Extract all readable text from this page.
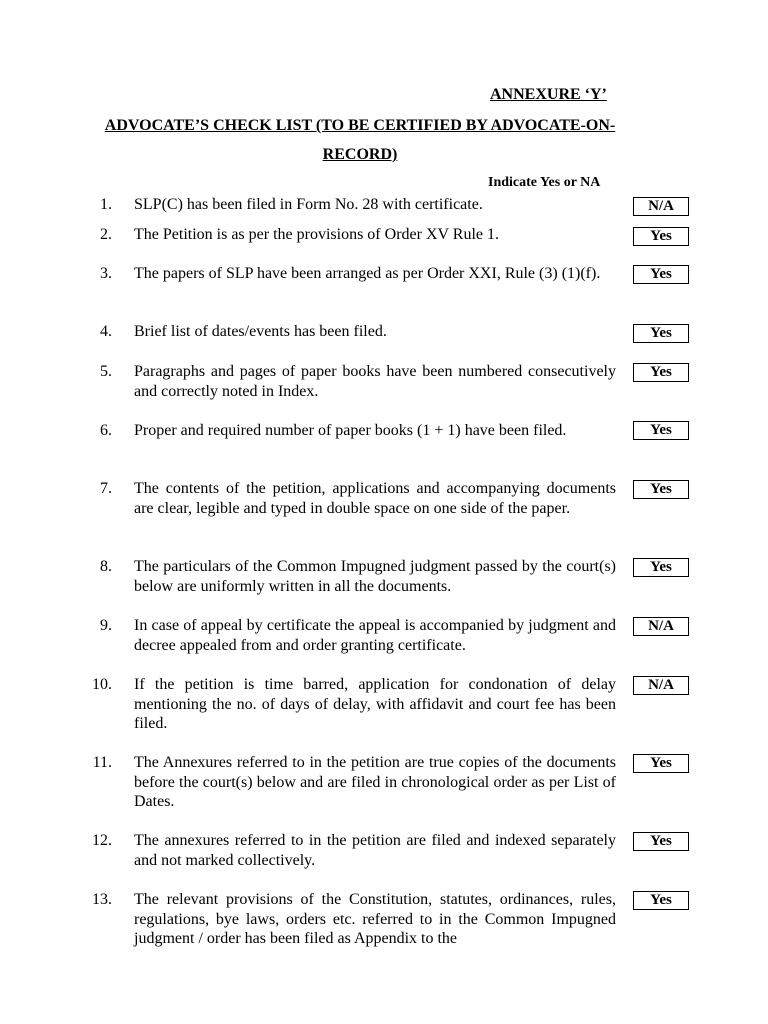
ANNEXURE ‘Y’

ADVOCATE’S CHECK LIST (TO BE CERTIFIED BY ADVOCATE-ON-

RECORD)

Indicate Yes or NA

1. SLP(C) has been filed in Form No. 28 with certificate.	N/A
2. The Petition is as per the provisions of Order XV Rule 1.	Yes
3. The papers of SLP have been arranged as per Order XXI, Rule (3) (1)(f).	Yes
4. Brief list of dates/events has been filed.	Yes
5. Paragraphs and pages of paper books have been numbered consecutively and correctly noted in Index.
Yes
6. Proper and required number of paper books (1 + 1) have been filed.	Yes
7. The contents of the petition, applications and accompanying documents are clear, legible and typed in double space on one side of the paper.
Yes
8. The particulars of the Common Impugned judgment passed by the court(s) below are uniformly written in all the documents.
Yes
9. In case of appeal by certificate the appeal is accompanied by judgment and decree appealed from and order granting certificate.
N/A
10. If the petition is time barred, application for condonation of delay mentioning the no. of days of delay, with affidavit and court fee has been filed.
N/A
11. The Annexures referred to in the petition are true copies of the documents before the court(s) below and are filed in chronological order as per List of Dates.
Yes
12. The annexures referred to in the petition are filed and indexed separately and not marked collectively.
Yes
13. The relevant provisions of the Constitution, statutes, ordinances, rules, regulations, bye laws, orders etc. referred to in the Common Impugned judgment / order has been filed as Appendix to the
Yes
